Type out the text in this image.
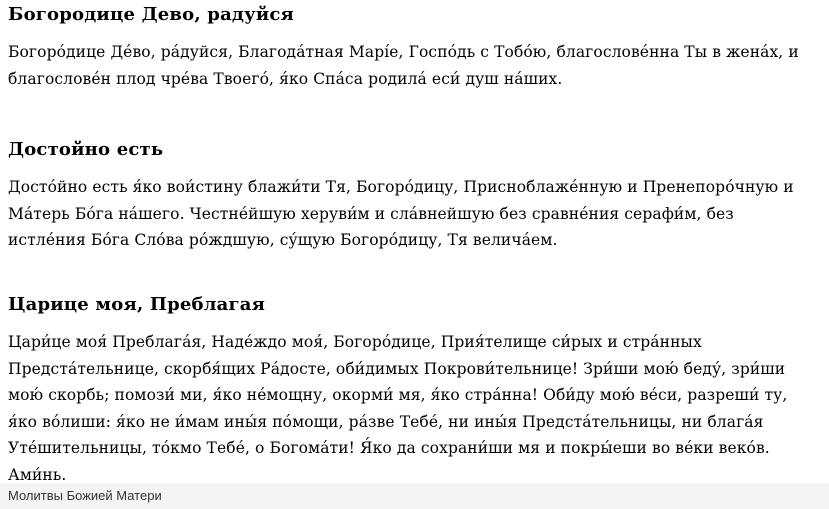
Богородице Дево, радуйся

Богоро́дице Де́во, ра́дуйся, Благода́тная Марі́е, Госпо́дь с Тобо́ю, благослове́нна Ты в жена́х, и благослове́н плод чре́ва Твоего́, я́ко Спа́са родила́ еси́ душ на́ших.

Достойно есть

Досто́йно есть я́ко вои́стину блажи́ти Тя, Богоро́дицу, Присноблаже́нную и Пренепоро́чную и Ма́терь Бо́га на́шего. Честне́йшую херуви́м и сла́внейшую без сравне́ния серафи́м, без истле́ния Бо́га Сло́ва ро́ждшую, су́щую Богоро́дицу, Тя велича́ем.

Царице моя, Преблагая

Цари́це моя́ Преблага́я, Наде́ждо моя́, Богоро́дице, Прия́телище си́рых и стра́нных Предста́тельнице, скорбя́щих Ра́досте, оби́димых Покрови́тельнице! Зри́ши мою́ беду́, зри́ши мою́ скорбь; помози́ ми, я́ко не́мощну, окорми́ мя, я́ко стра́нна! Оби́ду мою́ ве́си, разреши́ ту, я́ко во́лиши: я́ко не и́мам ины́я по́мощи, ра́зве Тебе́, ни ины́я Предста́тельницы, ни блага́я Уте́шительницы, то́кмо Тебе́, о Богома́ти! Я́ко да сохрани́ши мя и покры́еши во ве́ки веко́в. Ами́нь.

Молитвы Божией Матери
